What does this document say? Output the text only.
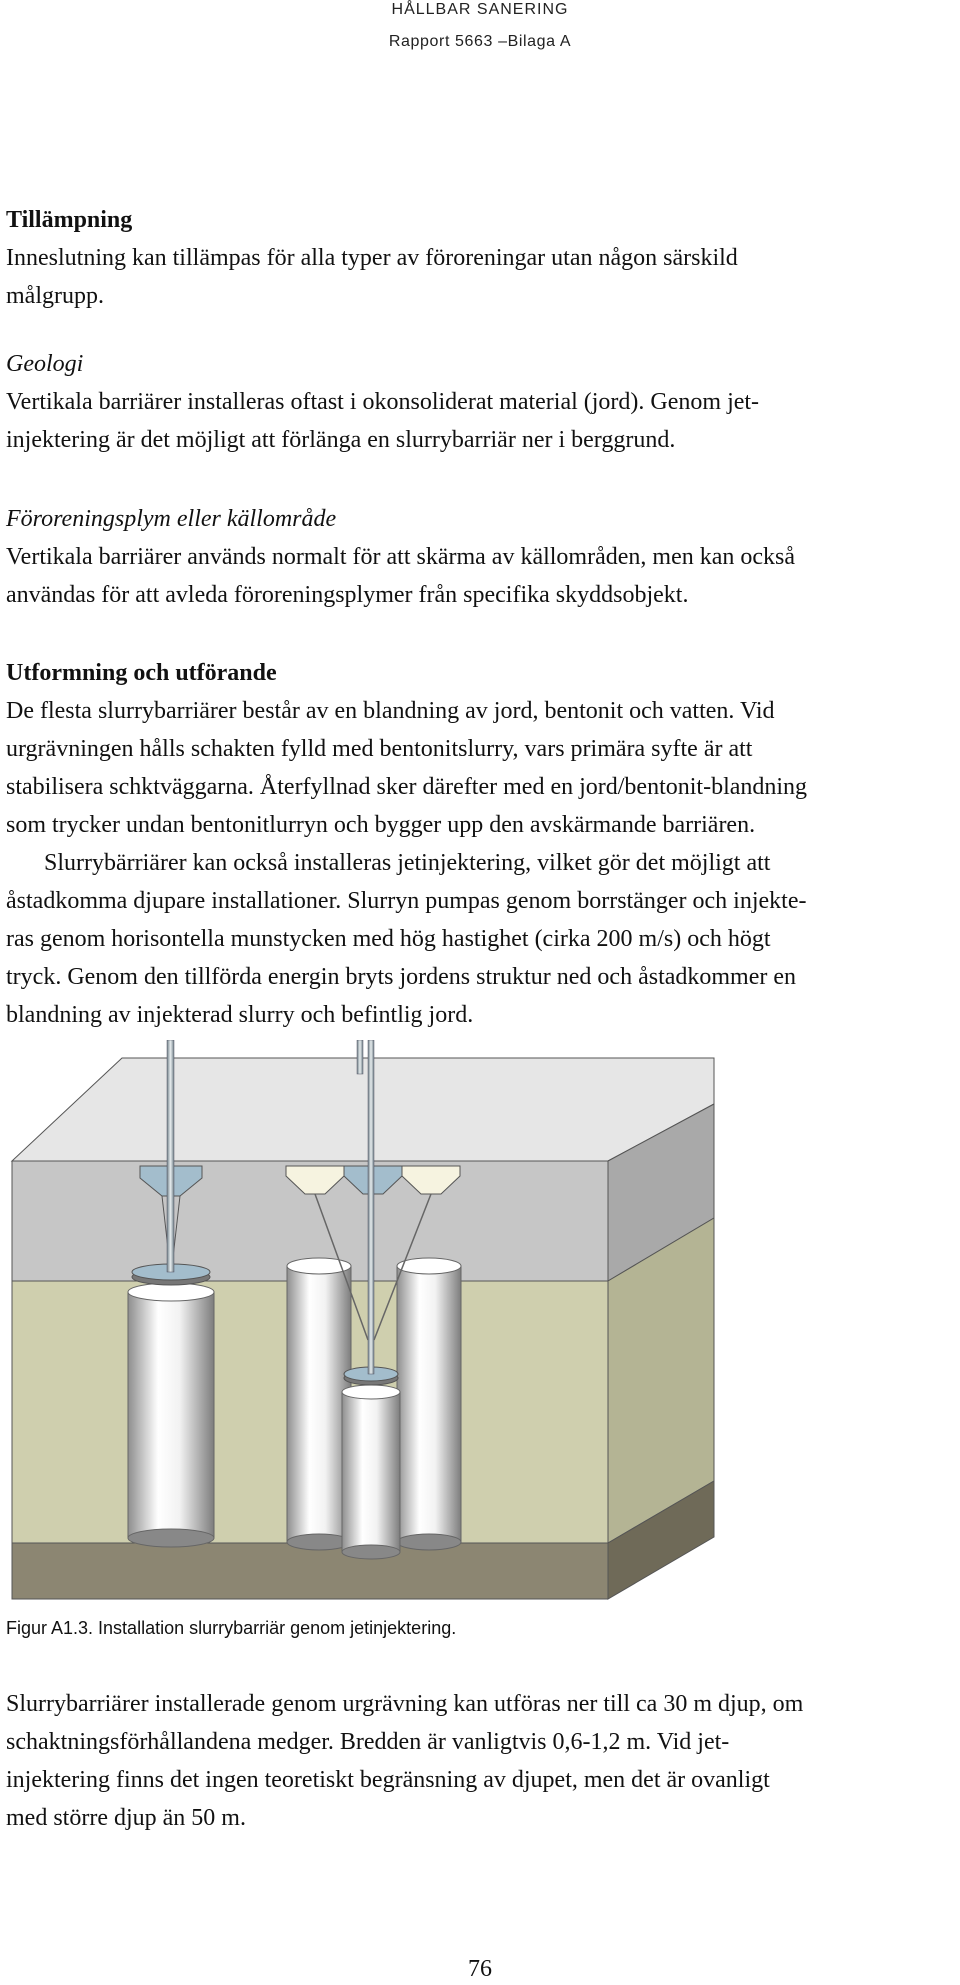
HÅLLBAR SANERING
Rapport 5663 –Bilaga A

Tillämpning

Inneslutning kan tillämpas för alla typer av föroreningar utan någon särskild

målgrupp.

Geologi

Vertikala barriärer installeras oftast i okonsoliderat material (jord). Genom jet-

injektering är det möjligt att förlänga en slurrybarriär ner i berggrund.

Föroreningsplym eller källområde

Vertikala barriärer används normalt för att skärma av källområden, men kan också

användas för att avleda föroreningsplymer från specifika skyddsobjekt.

Utformning och utförande

De flesta slurrybarriärer består av en blandning av jord, bentonit och vatten. Vid

urgrävningen hålls schakten fylld med bentonitslurry, vars primära syfte är att

stabilisera schktväggarna. Återfyllnad sker därefter med en jord/bentonit-blandning

som trycker undan bentonitlurryn och bygger upp den avskärmande barriären.

Slurrybärriärer kan också installeras jetinjektering, vilket gör det möjligt att

åstadkomma djupare installationer. Slurryn pumpas genom borrstänger och injekte-

ras genom horisontella munstycken med hög hastighet (cirka 200 m/s) och högt

tryck. Genom den tillförda energin bryts jordens struktur ned och åstadkommer en

blandning av injekterad slurry och befintlig jord.

Figur A1.3. Installation slurrybarriär genom jetinjektering.

Slurrybarriärer installerade genom urgrävning kan utföras ner till ca 30 m djup, om

schaktningsförhållandena medger. Bredden är vanligtvis 0,6-1,2 m. Vid jet-

injektering finns det ingen teoretiskt begränsning av djupet, men det är ovanligt

med större djup än 50 m.

76
